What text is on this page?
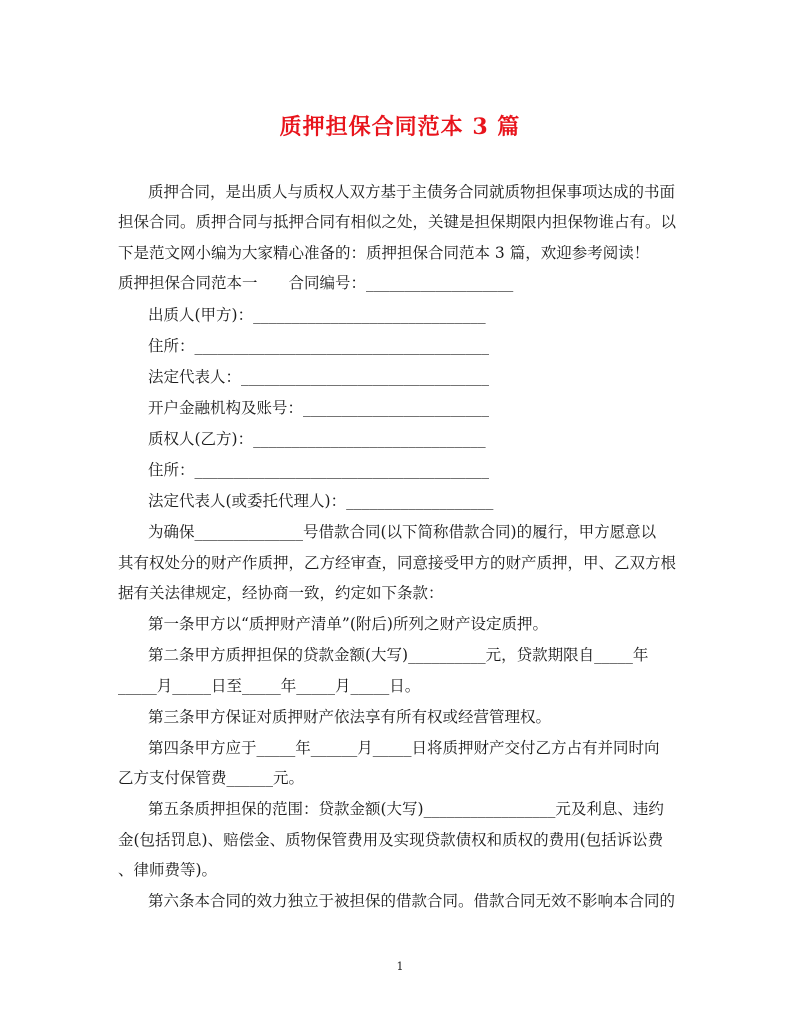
质押担保合同范本 3 篇
质押合同，是出质人与质权人双方基于主债务合同就质物担保事项达成的书面
担保合同。质押合同与抵押合同有相似之处，关键是担保期限内担保物谁占有。以
下是范文网小编为大家精心准备的：质押担保合同范本 3 篇，欢迎参考阅读！
质押担保合同范本一　　合同编号：___________________
出质人(甲方)：______________________________
住所：______________________________________
法定代表人：________________________________
开户金融机构及账号：________________________
质权人(乙方)：______________________________
住所：______________________________________
法定代表人(或委托代理人)：___________________
为确保______________号借款合同(以下简称借款合同)的履行，甲方愿意以
其有权处分的财产作质押，乙方经审查，同意接受甲方的财产质押，甲、乙双方根
据有关法律规定，经协商一致，约定如下条款：
第一条甲方以“质押财产清单”(附后)所列之财产设定质押。
第二条甲方质押担保的贷款金额(大写)__________元，贷款期限自_____年
_____月_____日至_____年_____月_____日。
第三条甲方保证对质押财产依法享有所有权或经营管理权。
第四条甲方应于_____年______月_____日将质押财产交付乙方占有并同时向
乙方支付保管费______元。
第五条质押担保的范围：贷款金额(大写)_________________元及利息、违约
金(包括罚息)、赔偿金、质物保管费用及实现贷款债权和质权的费用(包括诉讼费
、律师费等)。
第六条本合同的效力独立于被担保的借款合同。借款合同无效不影响本合同的
1
